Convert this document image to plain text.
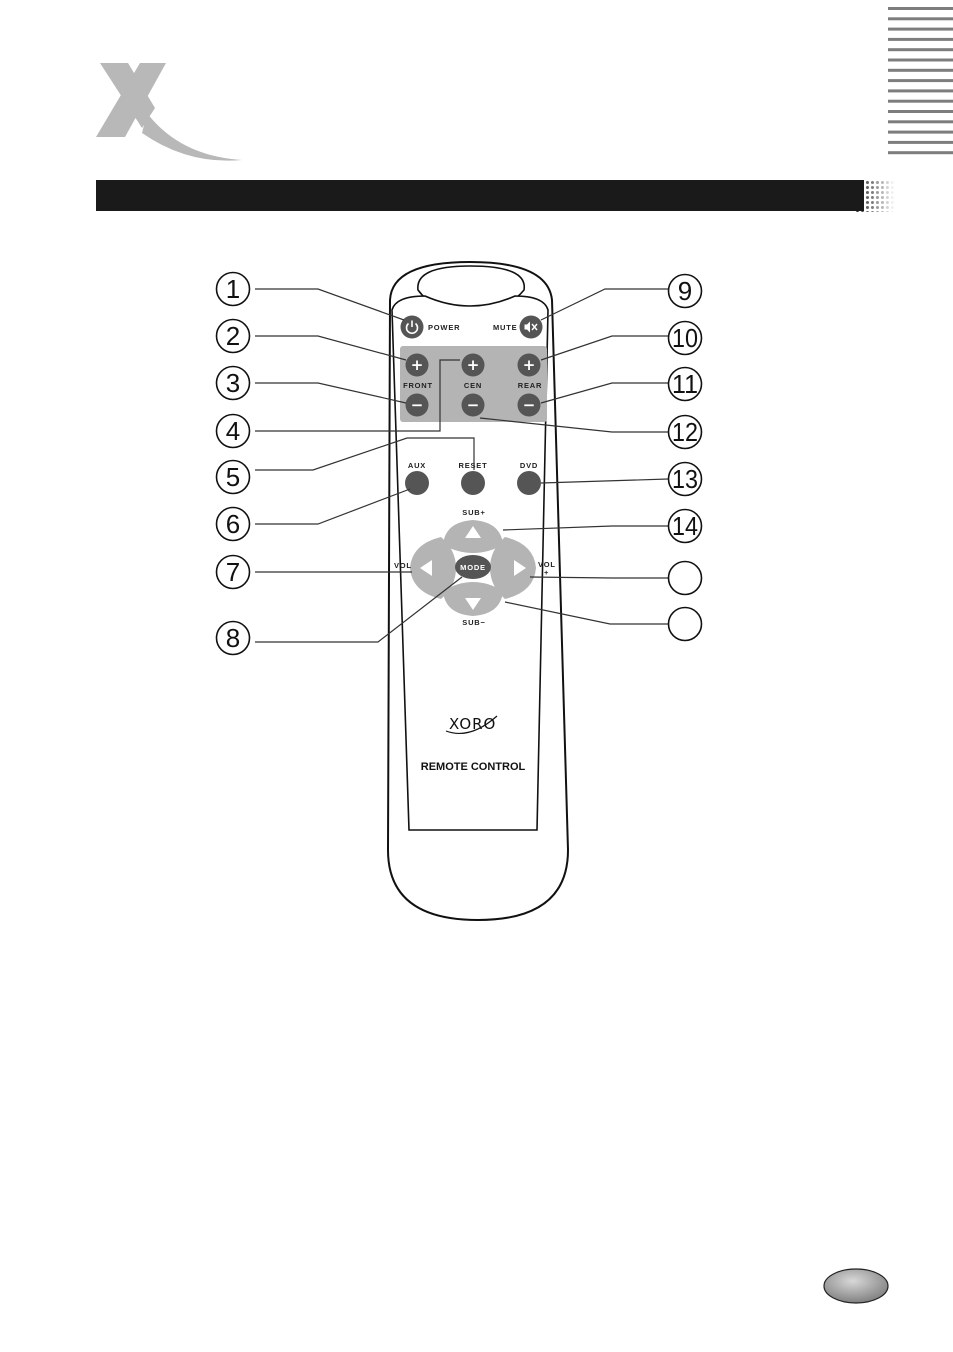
POWER	MUTE
+	+	+
FRONT	CEN	REAR
−	−	−
AUX	RESET	DVD
SUB+
SUB−
VOL	VOL
+
MODE
XORO
REMOTE CONTROL
1
2
3
4
5
6
7
8
9
10
11
12
13
14
